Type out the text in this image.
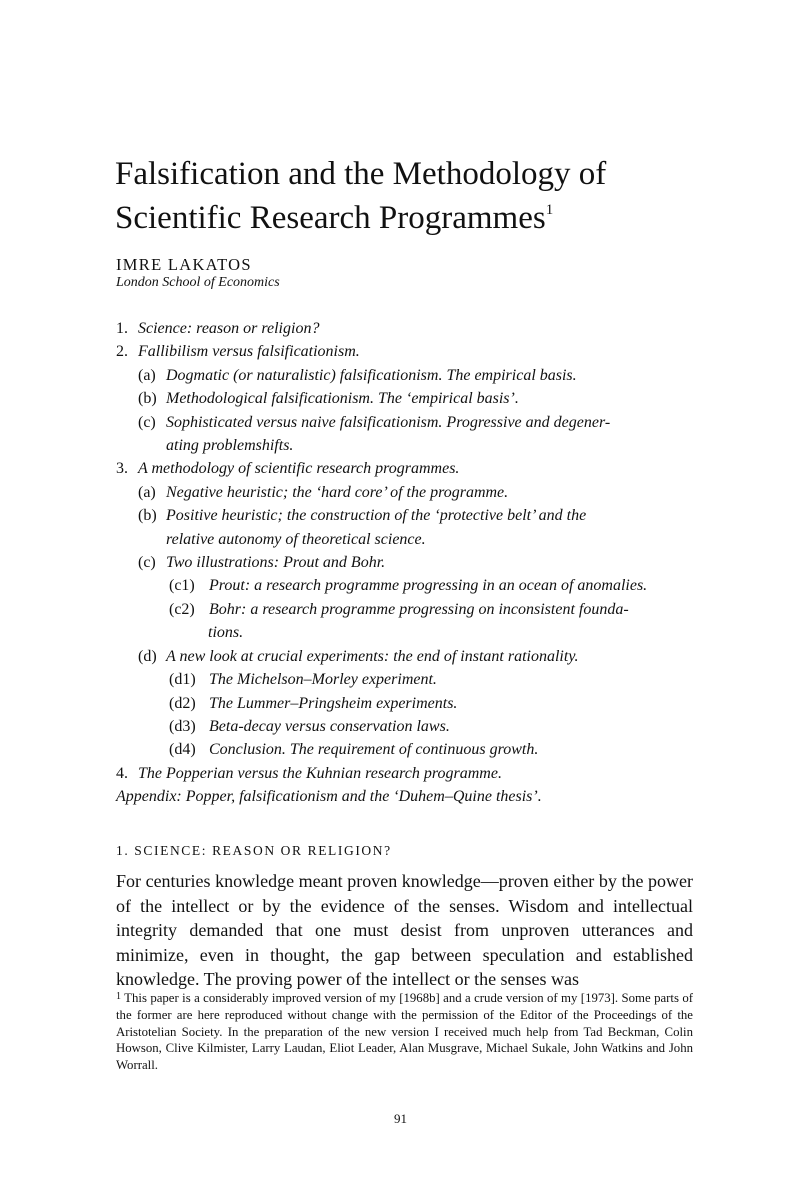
Falsification and the Methodology of
Scientific Research Programmes$^1$
IMRE LAKATOS
London School of Economics
1. Science: reason or religion?
2. Fallibilism versus falsificationism.
(a) Dogmatic (or naturalistic) falsificationism. The empirical basis.
(b) Methodological falsificationism. The ‘empirical basis’.
(c) Sophisticated versus naive falsificationism. Progressive and degener-
ating problemshifts.
3. A methodology of scientific research programmes.
(a) Negative heuristic; the ‘hard core’ of the programme.
(b) Positive heuristic; the construction of the ‘protective belt’ and the
relative autonomy of theoretical science.
(c) Two illustrations: Prout and Bohr.
(c1) Prout: a research programme progressing in an ocean of anomalies.
(c2) Bohr: a research programme progressing on inconsistent founda-
tions.
(d) A new look at crucial experiments: the end of instant rationality.
(d1) The Michelson–Morley experiment.
(d2) The Lummer–Pringsheim experiments.
(d3) Beta-decay versus conservation laws.
(d4) Conclusion. The requirement of continuous growth.
4. The Popperian versus the Kuhnian research programme.
Appendix: Popper, falsificationism and the ‘Duhem–Quine thesis’.
1. SCIENCE: REASON OR RELIGION?

For centuries knowledge meant proven knowledge—proven either by the power of the intellect or by the evidence of the senses. Wisdom and intellectual integrity demanded that one must desist from unproven utterances and minimize, even in thought, the gap between speculation and established knowledge. The proving power of the intellect or the senses was

$^1$ This paper is a considerably improved version of my [1968b] and a crude version of my [1973]. Some parts of the former are here reproduced without change with the permission of the Editor of the Proceedings of the Aristotelian Society. In the preparation of the new version I received much help from Tad Beckman, Colin Howson, Clive Kilmister, Larry Laudan, Eliot Leader, Alan Musgrave, Michael Sukale, John Watkins and John Worrall.

91
